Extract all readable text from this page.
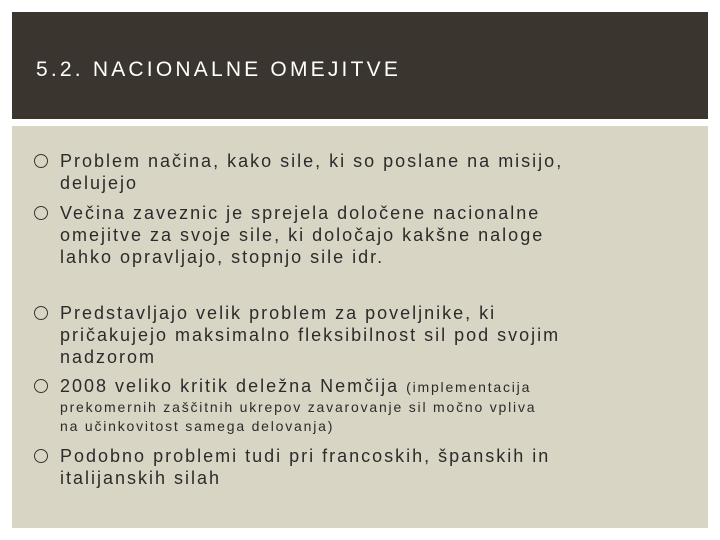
5.2. NACIONALNE OMEJITVE
Problem načina, kako sile, ki so poslane na misijo,
delujejo
Večina zaveznic je sprejela določene nacionalne
omejitve za svoje sile, ki določajo kakšne naloge
lahko opravljajo, stopnjo sile idr.
Predstavljajo velik problem za poveljnike, ki
pričakujejo maksimalno fleksibilnost sil pod svojim
nadzorom
2008 veliko kritik deležna Nemčija (implementacija
prekomernih zaščitnih ukrepov zavarovanje sil močno vpliva
na učinkovitost samega delovanja)
Podobno problemi tudi pri francoskih, španskih in
italijanskih silah
